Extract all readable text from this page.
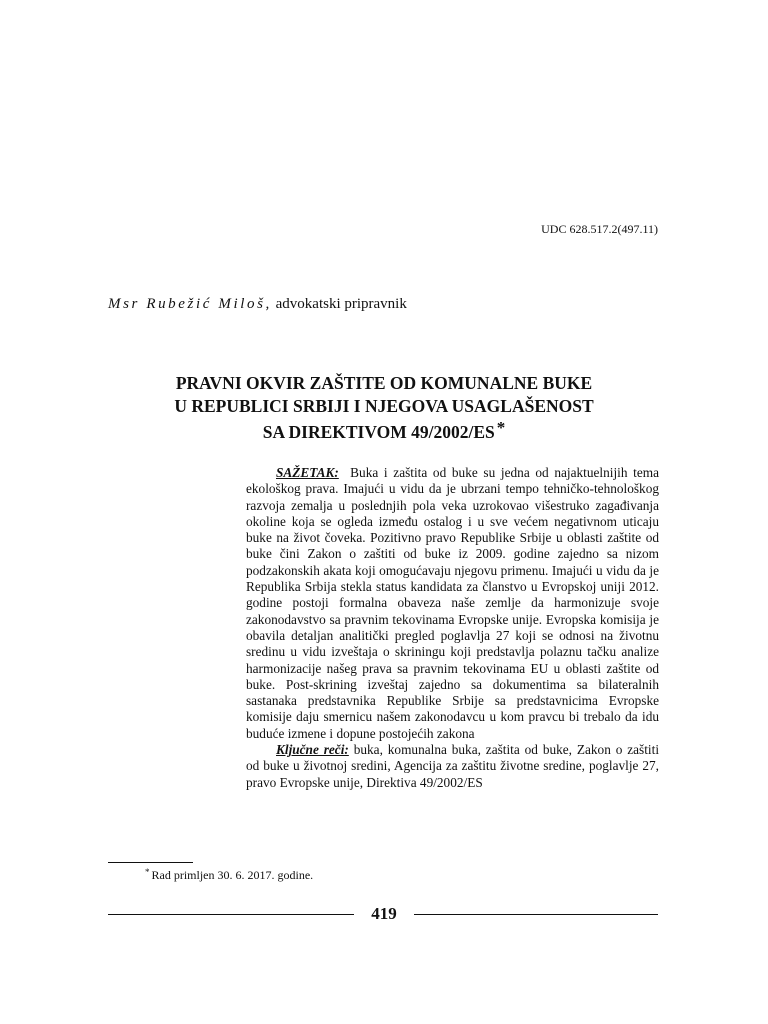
UDC 628.517.2(497.11)
Msr Rubežić Miloš, advokatski pripravnik
PRAVNI OKVIR ZAŠTITE OD KOMUNALNE BUKE
U REPUBLICI SRBIJI I NJEGOVA USAGLAŠENOST
SA DIREKTIVOM 49/2002/ES *

SAŽETAK: Buka i zaštita od buke su jedna od najaktuelnijih tema ekološkog prava. Imajući u vidu da je ubrzani tempo tehničko-tehnološkog razvoja zemalja u poslednjih pola veka uzrokovao višestruko zagađivanja okoline koja se ogleda između ostalog i u sve većem negativnom uticaju buke na život čoveka. Pozitivno pravo Republike Srbije u oblasti zaštite od buke čini Zakon o zaštiti od buke iz 2009. godine zajedno sa nizom podzakonskih akata koji omogućavaju njegovu primenu. Imajući u vidu da je Republika Srbija stekla status kandidata za članstvo u Evropskoj uniji 2012. godine postoji formalna obaveza naše zemlje da harmonizuje svoje zakonodavstvo sa pravnim tekovinama Evropske unije. Evropska komisija je obavila detaljan analitički pregled poglavlja 27 koji se odnosi na životnu sredinu u vidu izveštaja o skriningu koji predstavlja polaznu tačku analize harmonizacije našeg prava sa pravnim tekovinama EU u oblasti zaštite od buke. Post-skrining izveštaj zajedno sa dokumentima sa bilateralnih sastanaka predstavnika Republike Srbije sa predstavnicima Evropske komisije daju smernicu našem zakonodavcu u kom pravcu bi trebalo da idu buduće izmene i dopune postojećih zakona

Ključne reči: buka, komunalna buka, zaštita od buke, Zakon o zaštiti od buke u životnoj sredini, Agencija za zaštitu životne sredine, poglavlje 27, pravo Evropske unije, Direktiva 49/2002/ES

* Rad primljen 30. 6. 2017. godine.
419
